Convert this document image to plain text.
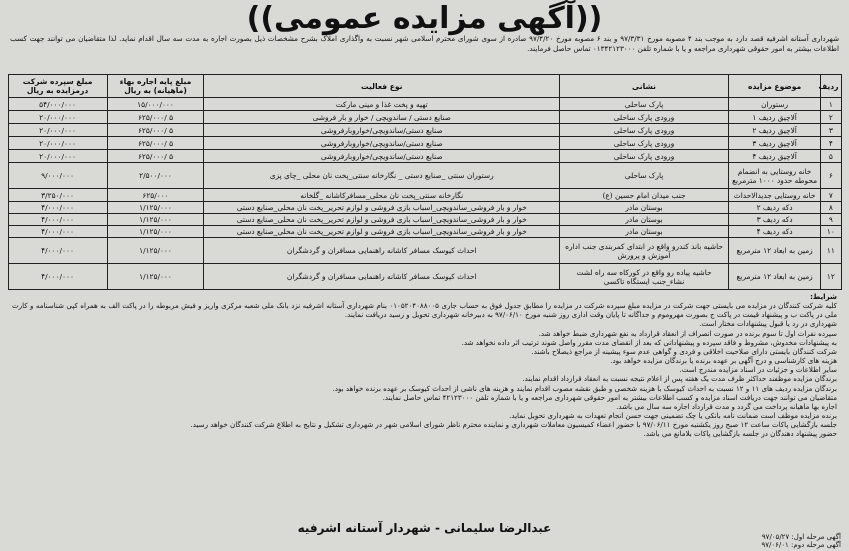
((آگهی مزایده عمومی))
شهرداری آستانه اشرفیه قصد دارد به موجب بند ۴ مصوبه مورخ ۹۷/۳/۳۱ و بند ۶ مصوبه مورخ ۹۷/۴/۲۰ صادره از سوی شورای محترم اسلامی شهر نسبت به واگذاری املاک بشرح مشخصات ذیل بصورت اجاره به مدت سه سال اقدام نماید. لذا متقاضیان می توانند جهت کسب اطلاعات بیشتر به امور حقوقی شهرداری مراجعه و یا با شماره تلفن ۰۱۳۴۲۱۲۳۰۰۰ تماس حاصل فرمایند.
ردیف	موضوع مزایده	نشانی	نوع فعالیت	مبلغ پایه اجاره بهاء (ماهیانه) به ریال	مبلغ سپرده شرکت درمزایده به ریال
۱	رستوران	پارک ساحلی	تهیه و پخت غذا و مینی مارکت	۱۵/۰۰۰/۰۰۰	۵۴/۰۰۰/۰۰۰
۲	آلاچیق ردیف ۱	ورودی پارک ساحلی	صنایع دستی / ساندویچی / خوار و بار فروشی	۵ /۶۲۵/۰۰۰	۲۰/۰۰۰/۰۰۰
۳	آلاچیق ردیف ۲	ورودی پارک ساحلی	صنایع دستی/ساندویچی/خواروبارفروشی	۵ /۶۲۵/۰۰۰	۲۰/۰۰۰/۰۰۰
۴	آلاچیق ردیف ۳	ورودی پارک ساحلی	صنایع دستی/ساندویچی/خواروبارفروشی	۵ /۶۲۵/۰۰۰	۲۰/۰۰۰/۰۰۰
۵	آلاچیق ردیف ۴	ورودی پارک ساحلی	صنایع دستی/ساندویچی/خواروبارفروشی	۵ /۶۲۵/۰۰۰	۲۰/۰۰۰/۰۰۰
۶	خانه روستایی به انضمام محوطه حدود ۱۰۰۰ مترمربع	پارک ساحلی	رستوران سنتی _صنایع دستی _ نگارخانه سنتی_پخت نان محلی _چای پزی	۲/۵۰۰/۰۰۰	۹/۰۰۰/۰۰۰
۷	خانه روستایی جدیدالاحداث	جنب میدان امام حسین (ع)	نگارخانه سنتی_پخت نان محلی_مسافرکاشانه _گلخانه	۶۲۵/۰۰۰	۳/۲۵۰/۰۰۰
۸	دکه ردیف ۲	بوستان مادر	خوار و بار فروشی_ساندویچی_اسباب بازی فروشی و لوازم تحریر_پخت نان محلی_صنایع دستی	۱/۱۲۵/۰۰۰	۴/۰۰۰/۰۰۰
۹	دکه ردیف ۳	بوستان مادر	خوار و بار فروشی_ساندویچی_اسباب بازی فروشی و لوازم تحریر_پخت نان محلی_صنایع دستی	۱/۱۲۵/۰۰۰	۴/۰۰۰/۰۰۰
۱۰	دکه ردیف ۴	بوستان مادر	خوار و بار فروشی_ساندویچی_اسباب بازی فروشی و لوازم تحریر_پخت نان محلی_صنایع دستی	۱/۱۲۵/۰۰۰	۴/۰۰۰/۰۰۰
۱۱	زمین به ابعاد ۱۲ مترمربع	حاشیه باند کندرو واقع در ابتدای کمربندی جنب اداره آموزش و پرورش	احداث کیوسک مسافر کاشانه راهنمایی مسافران و گردشگران	۱/۱۲۵/۰۰۰	۴/۰۰۰/۰۰۰
۱۲	زمین به ابعاد ۱۲ مترمربع	حاشیه پیاده رو واقع در کورکاه سه راه لشت نشاء_جنب ایستگاه تاکسی	احداث کیوسک مسافر کاشانه راهنمایی مسافران و گردشگران	۱/۱۲۵/۰۰۰	۴/۰۰۰/۰۰۰

شرایط:

کلیه شرکت کنندگان در مزایده می بایستی جهت شرکت در مزایده مبلغ سپرده شرکت در مزایده را مطابق جدول فوق به حساب جاری ۰۱۰۵۲۰۴۰۸۸۰۰۵ بنام شهرداری آستانه اشرفیه نزد بانک ملی شعبه مرکزی واریز و فیش مربوطه را در پاکت الف به همراه کپی شناسنامه و کارت ملی در پاکت ب و پیشنهاد قیمت در پاکت ج بصورت مهروموم و جداگانه تا پایان وقت اداری روز شنبه مورخ ۹۷/۰۶/۱۰ به دبیرخانه شهرداری تحویل و رسید دریافت نمایند.

شهرداری در رد یا قبول پیشنهادات مختار است.

سپرده نفرات اول تا سوم برنده در صورت انصراف از انعقاد قرارداد به نفع شهرداری ضبط خواهد شد.

به پیشنهادات مخدوش، مشروط و فاقد سپرده و پیشنهاداتی که بعد از انقضای مدت مقرر واصل شوند ترتیب اثر داده نخواهد شد.

شرکت کنندگان بایستی دارای صلاحیت اخلاقی و فردی و گواهی عدم سوء پیشینه از مراجع ذیصلاح باشند.

هزینه های کارشناسی و درج آگهی بر عهده برنده یا برندگان مزایده خواهد بود.

سایر اطلاعات و جزئیات در اسناد مزایده مندرج است.

برندگان مزایده موظفند حداکثر ظرف مدت یک هفته پس از اعلام نتیجه نسبت به انعقاد قرارداد اقدام نمایند.

برندگان مزایده ردیف های ۱۱ و ۱۲ نسبت به احداث کیوسک با هزینه شخصی و طبق نقشه مصوب اقدام نمایند و هزینه های ناشی از احداث کیوسک بر عهده برنده خواهد بود.

متقاضیان می توانند جهت دریافت اسناد مزایده و کسب اطلاعات بیشتر به امور حقوقی شهرداری مراجعه و یا با شماره تلفن ۴۲۱۲۳۰۰۰ تماس حاصل نمایند.

اجاره بها ماهیانه پرداخت می گردد و مدت قرارداد اجاره سه سال می باشد.

برنده مزایده موظف است ضمانت نامه بانکی یا چک تضمینی جهت حسن انجام تعهدات به شهرداری تحویل نماید.

جلسه بازگشایی پاکات ساعت ۱۲ صبح روز یکشنبه مورخ ۹۷/۰۶/۱۱ با حضور اعضاء کمیسیون معاملات شهرداری و نماینده محترم ناظر شورای اسلامی شهر در شهرداری تشکیل و نتایج به اطلاع شرکت کنندگان خواهد رسید.

حضور پیشنهاد دهندگان در جلسه بازگشایی پاکات بلامانع می باشد.

عبدالرضا سلیمانی - شهردار آستانه اشرفیه
آگهی مرحله اول: ۹۷/۰۵/۲۷
آگهی مرحله دوم: ۹۷/۰۶/۰۱
